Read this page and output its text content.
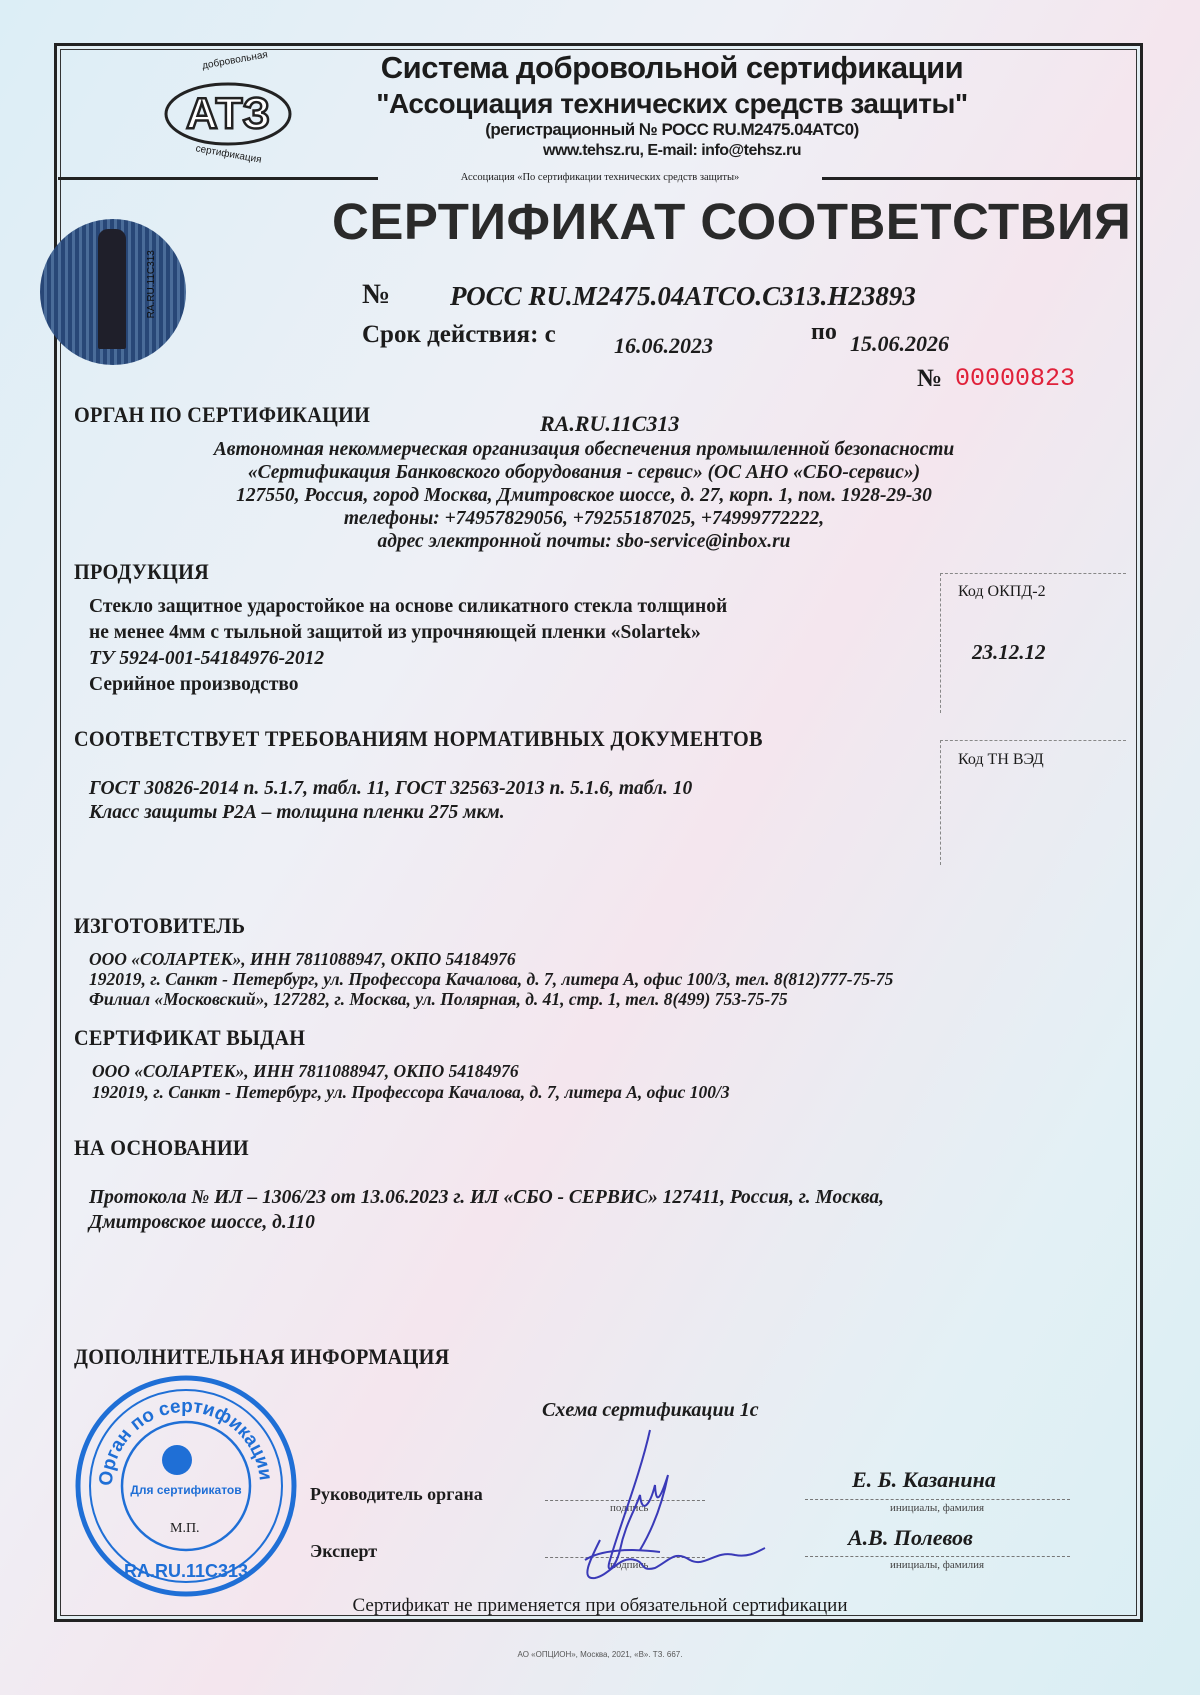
АТЗ
добровольная
сертификация
Система добровольной сертификации
"Ассоциация технических средств защиты"
(регистрационный № РОСС RU.M2475.04АТС0)
www.tehsz.ru, E-mail: info@tehsz.ru
Ассоциация «По сертификации технических средств защиты»
RA.RU.11C313
СЕРТИФИКАТ СООТВЕТСТВИЯ
№ РОСС RU.M2475.04АТСО.С313.Н23893
Срок действия: с	16.06.2023
по 15.06.2026
№ 00000823
ОРГАН ПО СЕРТИФИКАЦИИ	RA.RU.11C313
Автономная некоммерческая организация обеспечения промышленной безопасности
«Сертификация Банковского оборудования - сервис» (ОС АНО «СБО-сервис»)
127550, Россия, город Москва, Дмитровское шоссе, д. 27, корп. 1, пом. 1928-29-30
телефоны: +74957829056, +79255187025, +74999772222,
адрес электронной почты: sbo-service@inbox.ru
ПРОДУКЦИЯ
Стекло защитное ударостойкое на основе силикатного стекла толщиной
не менее 4мм с тыльной защитой из упрочняющей пленки «Solartek»
ТУ 5924-001-54184976-2012
Серийное производство
Код ОКПД-2
23.12.12
СООТВЕТСТВУЕТ ТРЕБОВАНИЯМ НОРМАТИВНЫХ ДОКУМЕНТОВ
Код ТН ВЭД
ГОСТ 30826-2014 п. 5.1.7, табл. 11, ГОСТ 32563-2013 п. 5.1.6, табл. 10
Класс защиты Р2А – толщина пленки 275 мкм.
ИЗГОТОВИТЕЛЬ
ООО «СОЛАРТЕК», ИНН 7811088947, ОКПО 54184976
192019, г. Санкт - Петербург, ул. Профессора Качалова, д. 7, литера А, офис 100/3, тел. 8(812)777-75-75
Филиал «Московский», 127282, г. Москва, ул. Полярная, д. 41, стр. 1, тел. 8(499) 753-75-75
СЕРТИФИКАТ ВЫДАН
ООО «СОЛАРТЕК», ИНН 7811088947, ОКПО 54184976
192019, г. Санкт - Петербург, ул. Профессора Качалова, д. 7, литера А, офис 100/3
НА ОСНОВАНИИ
Протокола № ИЛ – 1306/23 от 13.06.2023 г. ИЛ «СБО - СЕРВИС» 127411, Россия, г. Москва,
Дмитровское шоссе, д.110
ДОПОЛНИТЕЛЬНАЯ ИНФОРМАЦИЯ
Схема сертификации 1с
Орган по сертификации
Для сертификатов
RA.RU.11C313
М.П.
Руководитель органа
подпись	инициалы, фамилия
Е. Б. Казанина
Эксперт
подпись	инициалы, фамилия
А.В. Полевов
Сертификат не применяется при обязательной сертификации
АО «ОПЦИОН», Москва, 2021, «В». ТЗ. 667.
